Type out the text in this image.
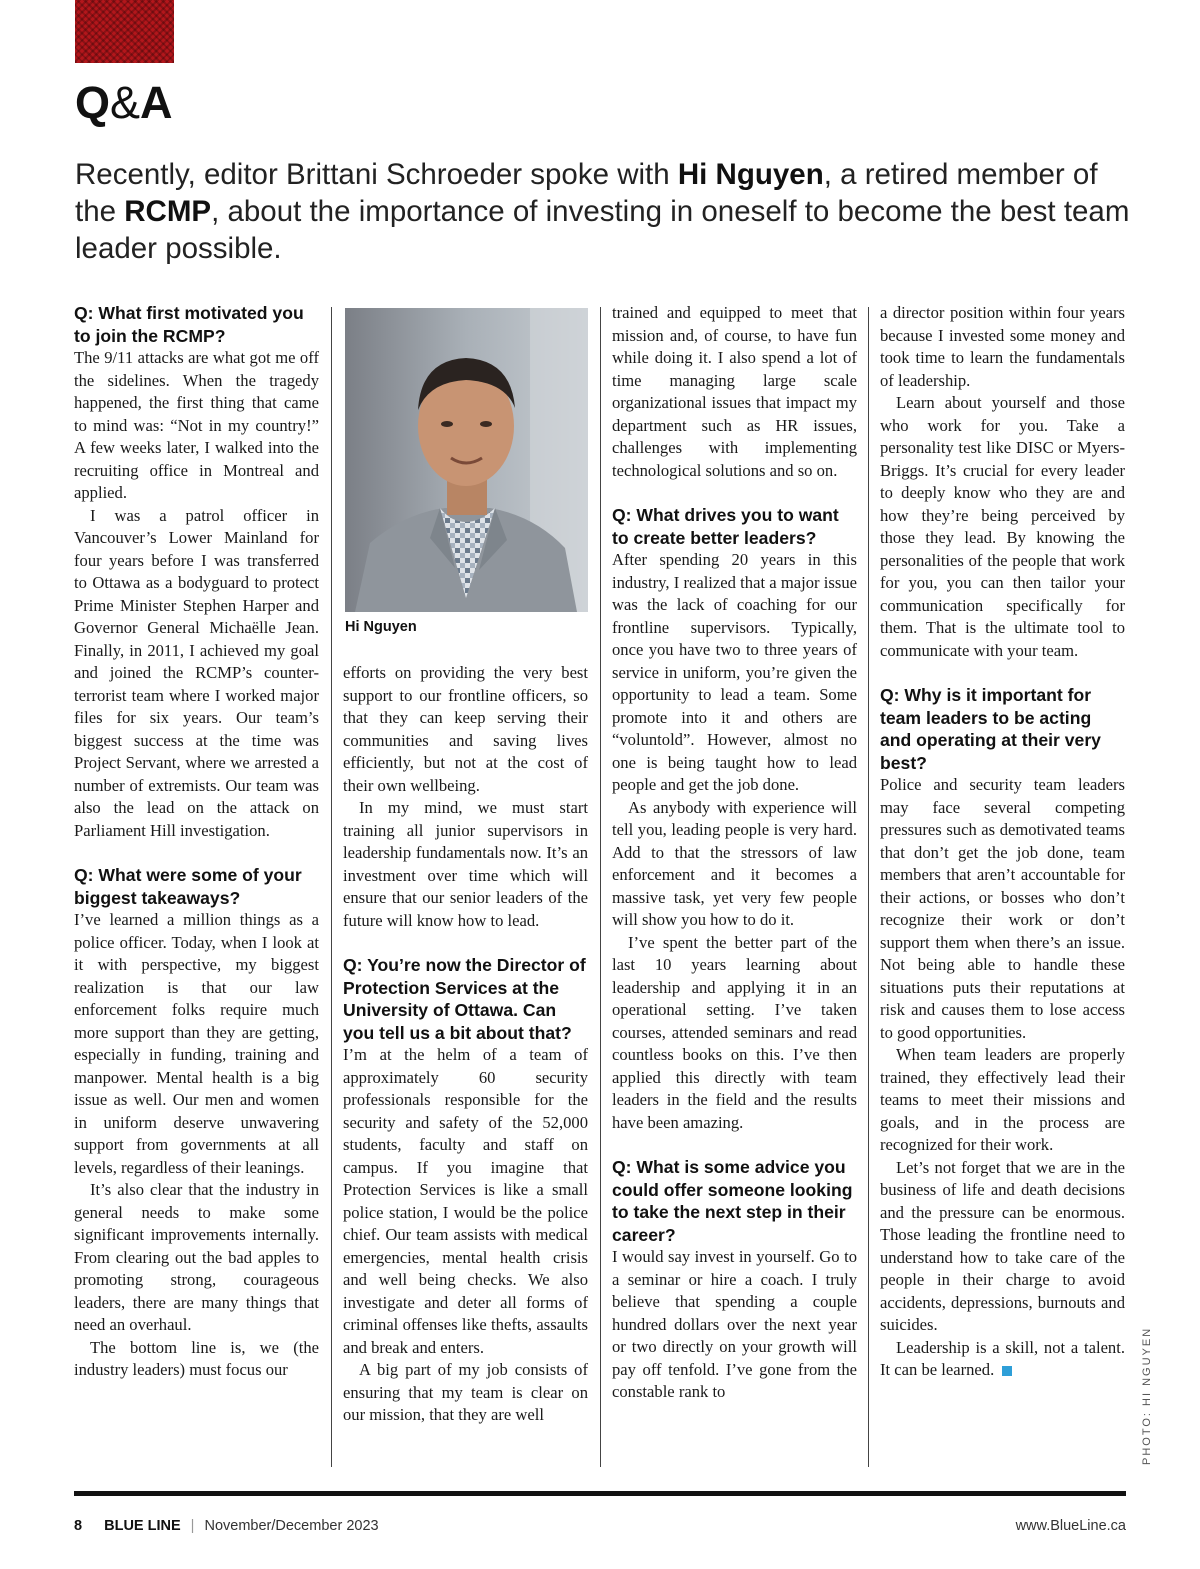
Q&A
Recently, editor Brittani Schroeder spoke with Hi Nguyen, a retired member of the RCMP, about the importance of investing in oneself to become the best team leader possible.
Q: What first motivated you to join the RCMP?

The 9/11 attacks are what got me off the sidelines. When the tragedy happened, the first thing that came to mind was: “Not in my country!” A few weeks later, I walked into the recruiting office in Montreal and applied.

I was a patrol officer in Vancouver’s Lower Mainland for four years before I was transferred to Ottawa as a bodyguard to protect Prime Minister Stephen Harper and Governor General Michaëlle Jean. Finally, in 2011, I achieved my goal and joined the RCMP’s counter-terrorist team where I worked major files for six years. Our team’s biggest success at the time was Project Servant, where we arrested a number of extremists. Our team was also the lead on the attack on Parliament Hill investigation.

Q: What were some of your biggest takeaways?

I’ve learned a million things as a police officer. Today, when I look at it with perspective, my biggest realization is that our law enforcement folks require much more support than they are getting, especially in funding, training and manpower. Mental health is a big issue as well. Our men and women in uniform deserve unwavering support from governments at all levels, regardless of their leanings.

It’s also clear that the industry in general needs to make some significant improvements internally. From clearing out the bad apples to promoting strong, courageous leaders, there are many things that need an overhaul.

The bottom line is, we (the industry leaders) must focus our

efforts on providing the very best support to our frontline officers, so that they can keep serving their communities and saving lives efficiently, but not at the cost of their own wellbeing.

In my mind, we must start training all junior supervisors in leadership fundamentals now. It’s an investment over time which will ensure that our senior leaders of the future will know how to lead.

Q: You’re now the Director of Protection Services at the University of Ottawa. Can you tell us a bit about that?

I’m at the helm of a team of approximately 60 security professionals responsible for the security and safety of the 52,000 students, faculty and staff on campus. If you imagine that Protection Services is like a small police station, I would be the police chief. Our team assists with medical emergencies, mental health crisis and well being checks. We also investigate and deter all forms of criminal offenses like thefts, assaults and break and enters.

A big part of my job consists of ensuring that my team is clear on our mission, that they are well

Hi Nguyen

trained and equipped to meet that mission and, of course, to have fun while doing it. I also spend a lot of time managing large scale organizational issues that impact my department such as HR issues, challenges with implementing technological solutions and so on.

Q: What drives you to want to create better leaders?

After spending 20 years in this industry, I realized that a major issue was the lack of coaching for our frontline supervisors. Typically, once you have two to three years of service in uniform, you’re given the opportunity to lead a team. Some promote into it and others are “voluntold”. However, almost no one is being taught how to lead people and get the job done.

As anybody with experience will tell you, leading people is very hard. Add to that the stressors of law enforcement and it becomes a massive task, yet very few people will show you how to do it.

I’ve spent the better part of the last 10 years learning about leadership and applying it in an operational setting. I’ve taken courses, attended seminars and read countless books on this. I’ve then applied this directly with team leaders in the field and the results have been amazing.

Q: What is some advice you could offer someone looking to take the next step in their career?

I would say invest in yourself. Go to a seminar or hire a coach. I truly believe that spending a couple hundred dollars over the next year or two directly on your growth will pay off tenfold. I’ve gone from the constable rank to

a director position within four years because I invested some money and took time to learn the fundamentals of leadership.

Learn about yourself and those who work for you. Take a personality test like DISC or Myers-Briggs. It’s crucial for every leader to deeply know who they are and how they’re being perceived by those they lead. By knowing the personalities of the people that work for you, you can then tailor your communication specifically for them. That is the ultimate tool to communicate with your team.

Q: Why is it important for team leaders to be acting and operating at their very best?

Police and security team leaders may face several competing pressures such as demotivated teams that don’t get the job done, team members that aren’t accountable for their actions, or bosses who don’t recognize their work or don’t support them when there’s an issue. Not being able to handle these situations puts their reputations at risk and causes them to lose access to good opportunities.

When team leaders are properly trained, they effectively lead their teams to meet their missions and goals, and in the process are recognized for their work.

Let’s not forget that we are in the business of life and death decisions and the pressure can be enormous. Those leading the frontline need to understand how to take care of the people in their charge to avoid accidents, depressions, burnouts and suicides.

Leadership is a skill, not a talent. It can be learned.	PHOTO: HI NGUYEN
8 BLUE LINE | November/December 2023	www.BlueLine.ca
